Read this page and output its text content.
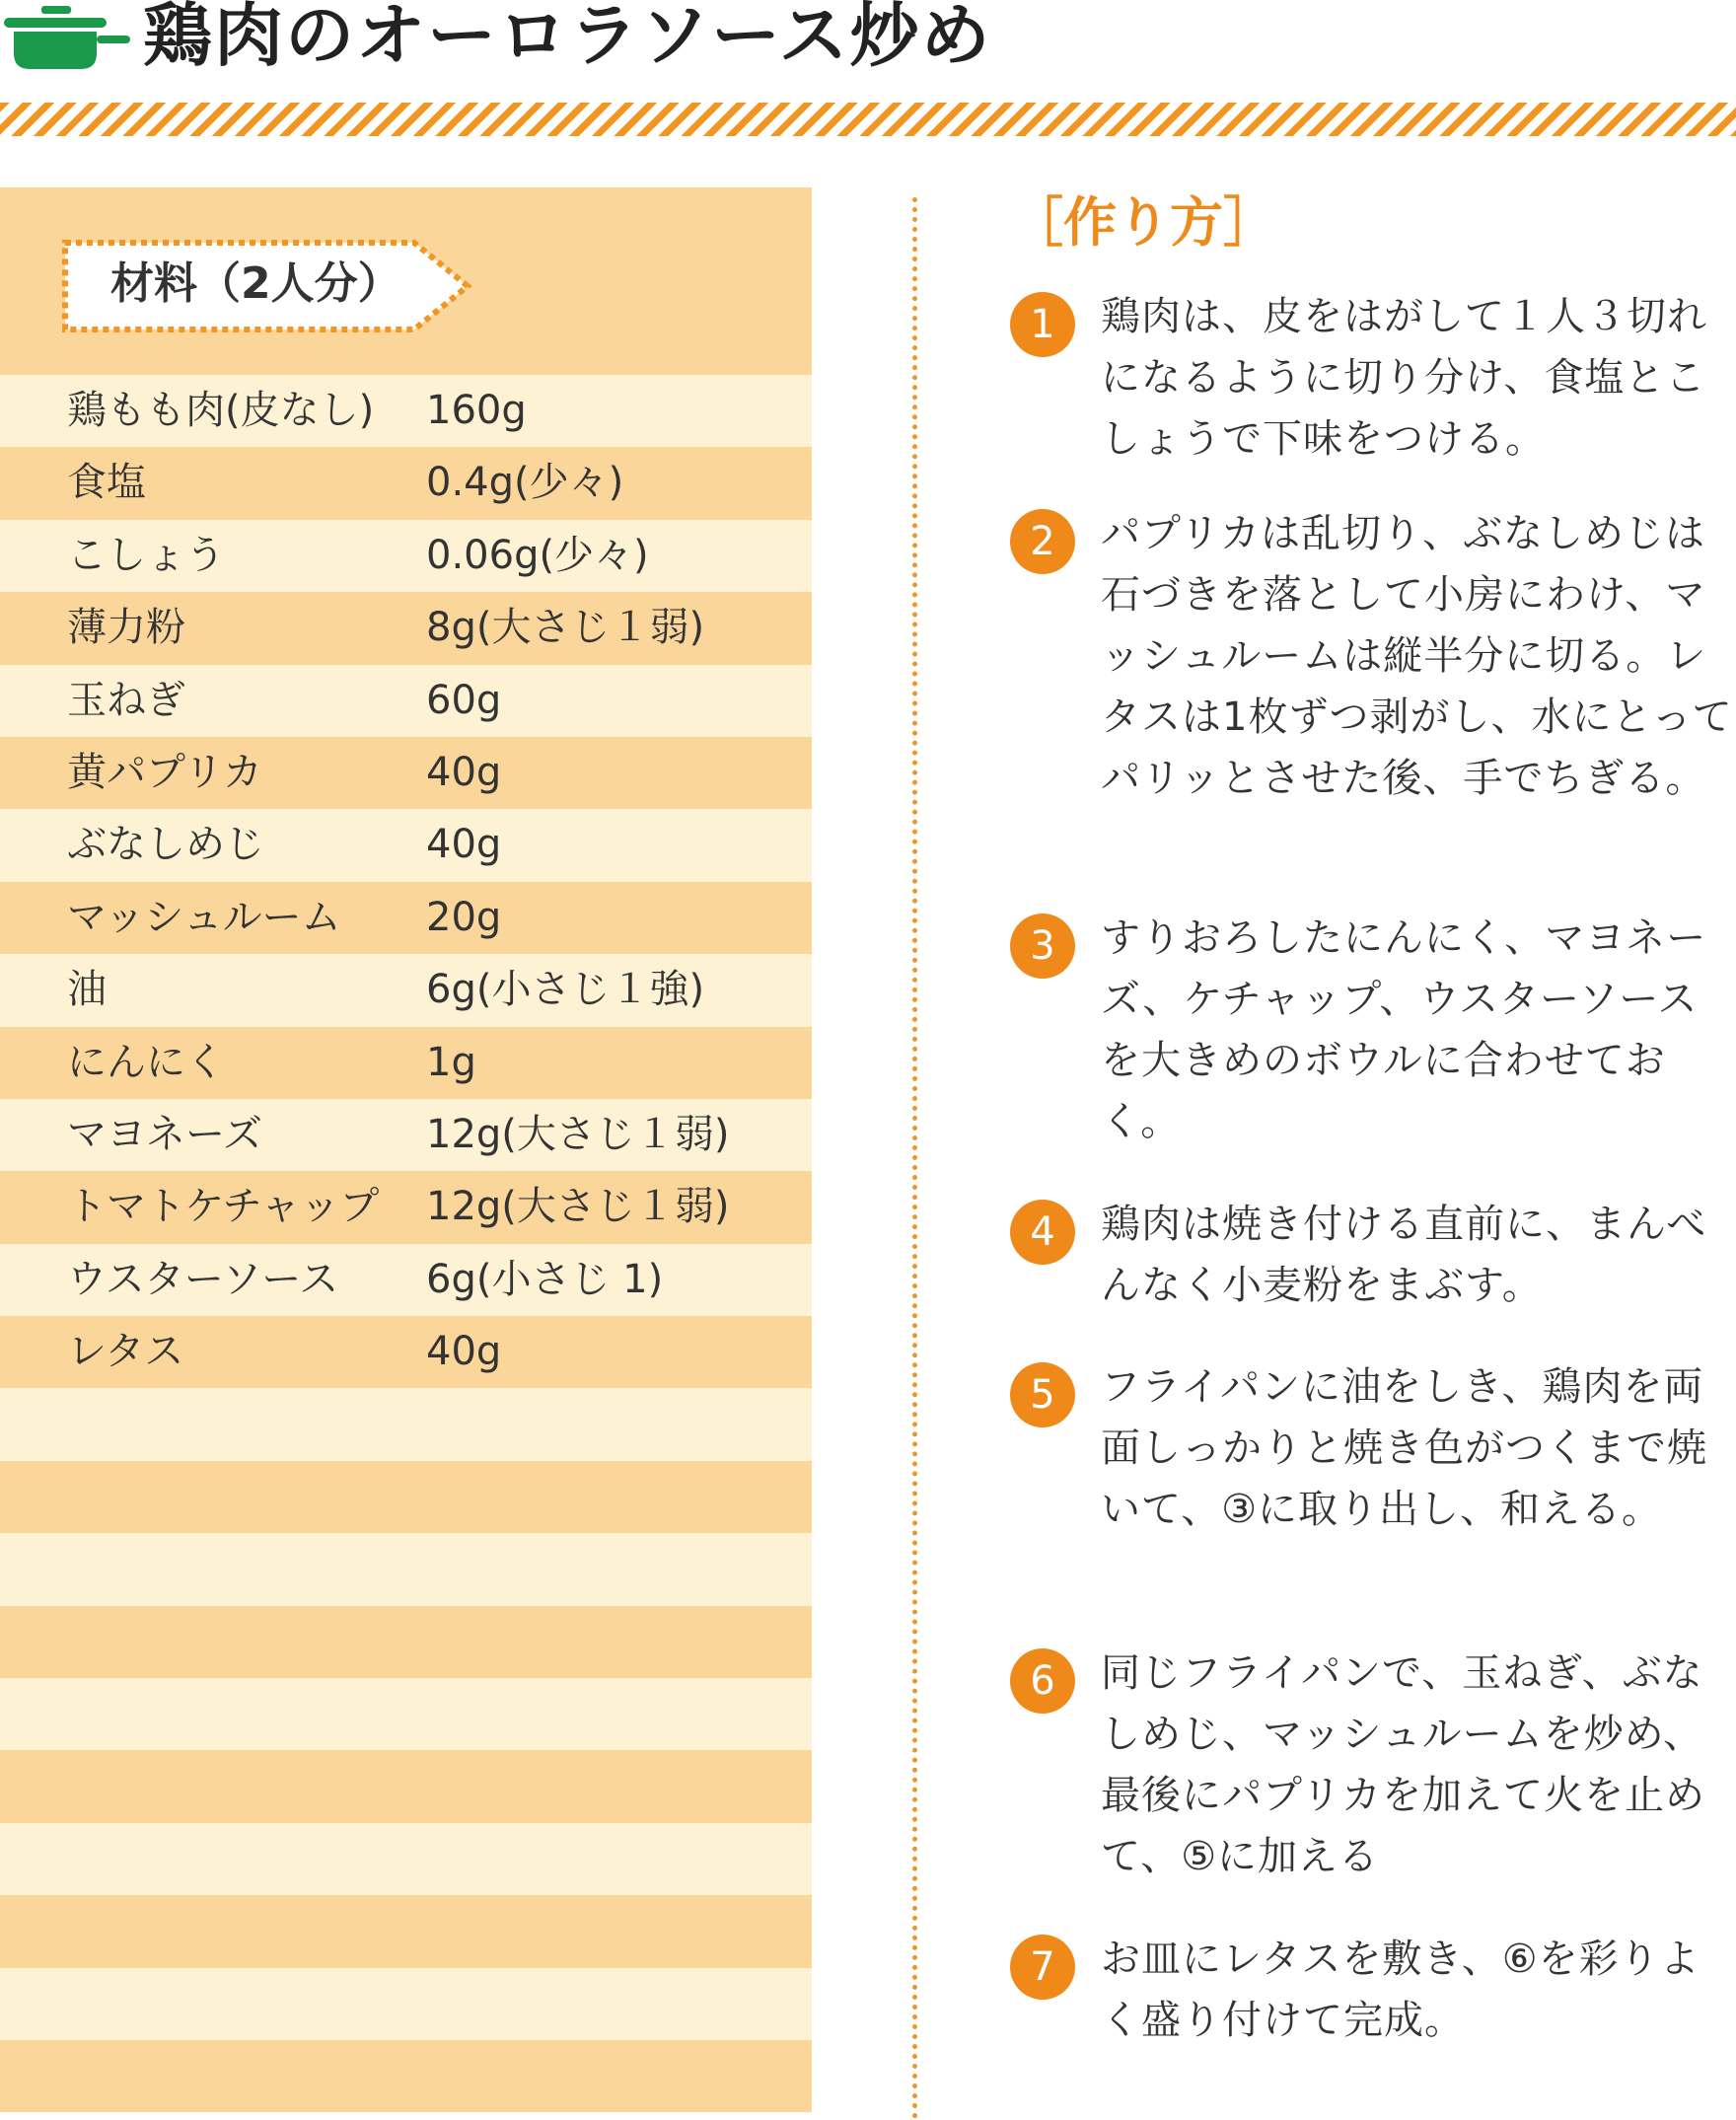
鶏肉のオーロラソース炒め
材料（2人分）
鶏もも肉(皮なし) 160g
食塩	0.4g(少々)
こしょう	0.06g(少々)
薄力粉	8g(大さじ１弱)
玉ねぎ	60g
黄パプリカ	40g
ぶなしめじ	40g
マッシュルーム 20g
油	6g(小さじ１強)
にんにく	1g
マヨネーズ	12g(大さじ１弱)
トマトケチャップ 12g(大さじ１弱)
ウスターソース 6g(小さじ 1)
レタス	40g
［作り方］
1	鶏肉は、皮をはがして１人３切れになるように切り分け、食塩とこしょうで下味をつける。

2	パプリカは乱切り、ぶなしめじは石づきを落として小房にわけ、マッシュルームは縦半分に切る。レタスは1枚ずつ剥がし、水にとってパリッとさせた後、手でちぎる。

3	すりおろしたにんにく、マヨネーズ、ケチャップ、ウスターソースを大きめのボウルに合わせておく。

4	鶏肉は焼き付ける直前に、まんべんなく小麦粉をまぶす。

5	フライパンに油をしき、鶏肉を両面しっかりと焼き色がつくまで焼いて、③に取り出し、和える。

6	同じフライパンで、玉ねぎ、ぶなしめじ、マッシュルームを炒め、最後にパプリカを加えて火を止めて、⑤に加える

7	お皿にレタスを敷き、⑥を彩りよく盛り付けて完成。
